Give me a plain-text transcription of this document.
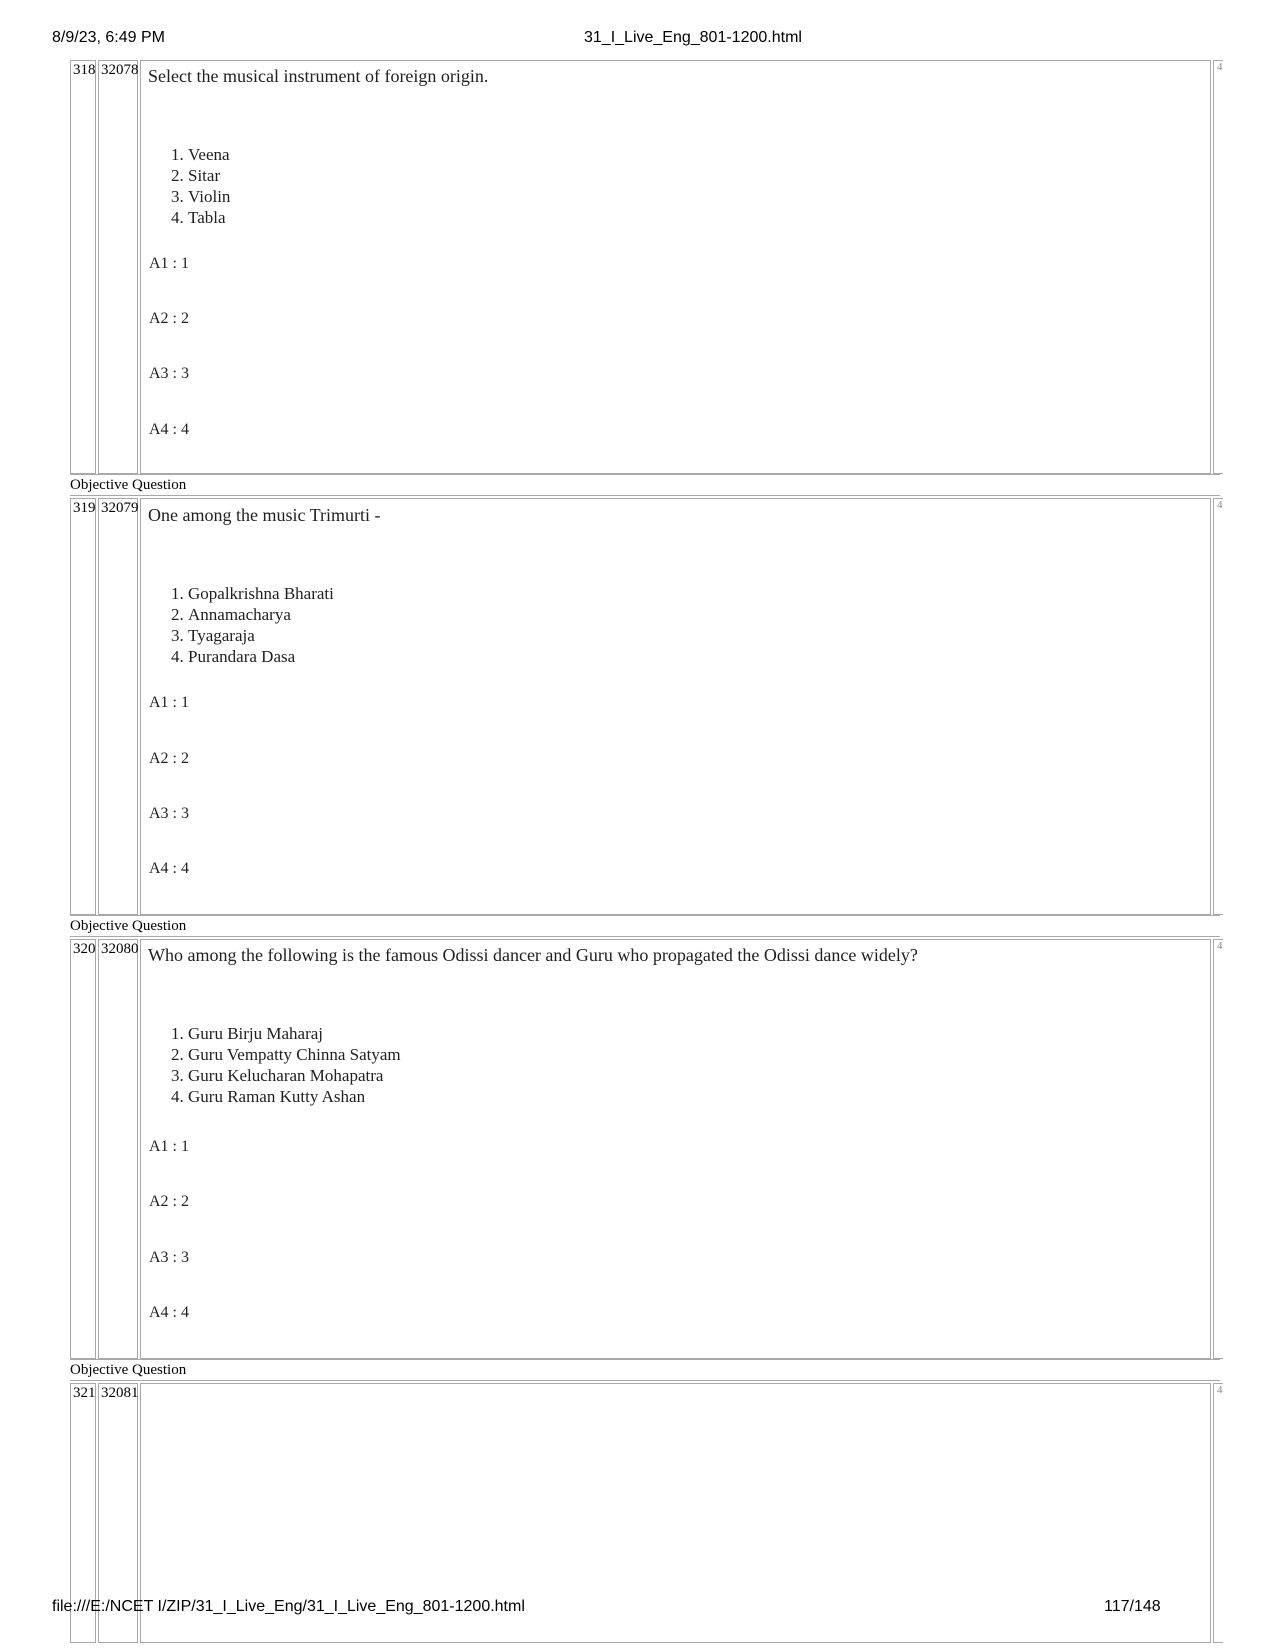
8/9/23, 6:49 PM	31_I_Live_Eng_801-1200.html
318 32078 Select the musical instrument of foreign origin.
1. Veena
2. Sitar
3. Violin
4. Tabla
A1 : 1
A2 : 2
A3 : 3
A4 : 4
4
Objective Question
319 32079 One among the music Trimurti -
1. Gopalkrishna Bharati
2. Annamacharya
3. Tyagaraja
4. Purandara Dasa
A1 : 1
A2 : 2
A3 : 3
A4 : 4
4
Objective Question
320 32080 Who among the following is the famous Odissi dancer and Guru who propagated the Odissi dance widely?
1. Guru Birju Maharaj
2. Guru Vempatty Chinna Satyam
3. Guru Kelucharan Mohapatra
4. Guru Raman Kutty Ashan
A1 : 1
A2 : 2
A3 : 3
A4 : 4
4
Objective Question
321 32081	4
file:///E:/NCET I/ZIP/31_I_Live_Eng/31_I_Live_Eng_801-1200.html	117/148
